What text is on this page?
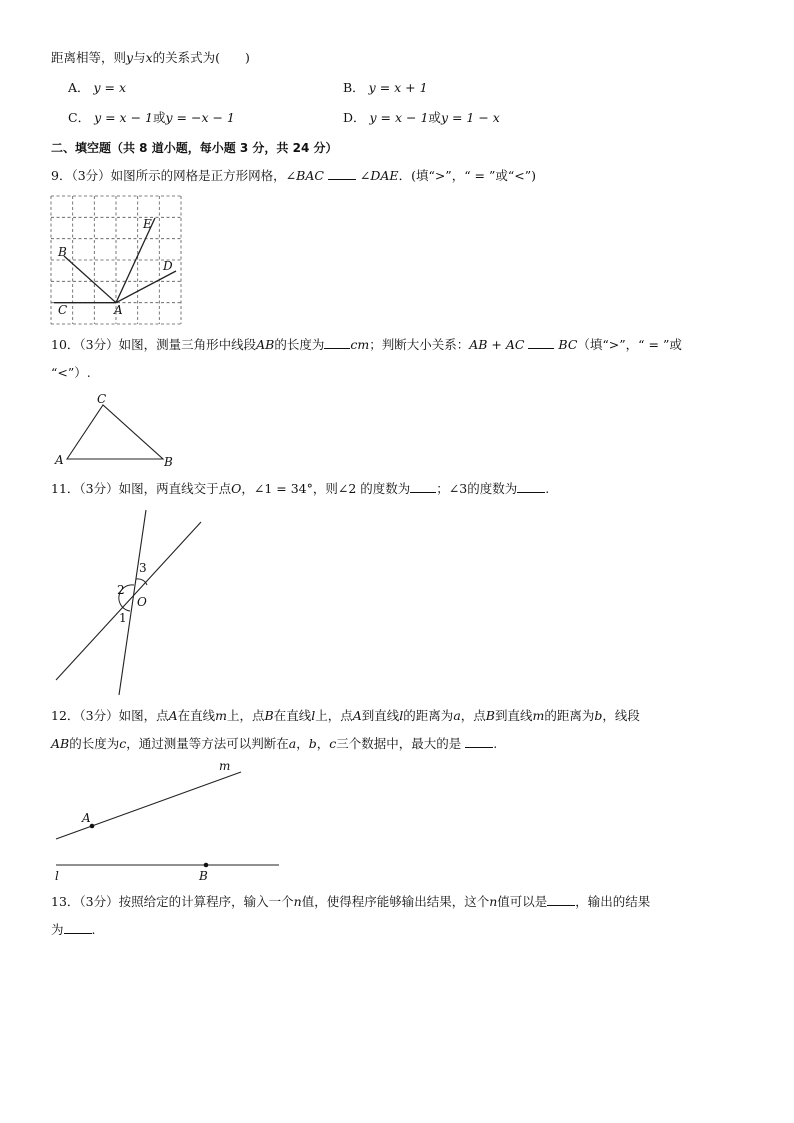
距离相等，则y与x的关系式为(　　)
A． y = x	B． y = x + 1
C． y = x − 1或y = −x − 1	D． y = x − 1或y = 1 − x
二、填空题（共 8 道小题，每小题 3 分，共 24 分）
9．（3分）如图所示的网格是正方形网格，∠BAC	∠DAE．(填“>”，“ = ”或“<”)
E
B
D
C	A
10．（3分）如图，测量三角形中线段AB的长度为 cm；判断大小关系：AB + AC	BC（填“>”，“ = ”或
“<”）.
C
A	B
11．（3分）如图，两直线交于点O，∠1 = 34°，则∠2 的度数为 ；∠3的度数为 .
3
2
O
1
12．（3分）如图，点A在直线m上，点B在直线l上，点A到直线l的距离为a，点B到直线m的距离为b，线段
AB的长度为c，通过测量等方法可以判断在a，b，c三个数据中，最大的是	.
m
A
l	B
13．（3分）按照给定的计算程序，输入一个n值，使得程序能够输出结果，这个n值可以是 ，输出的结果
为 .
